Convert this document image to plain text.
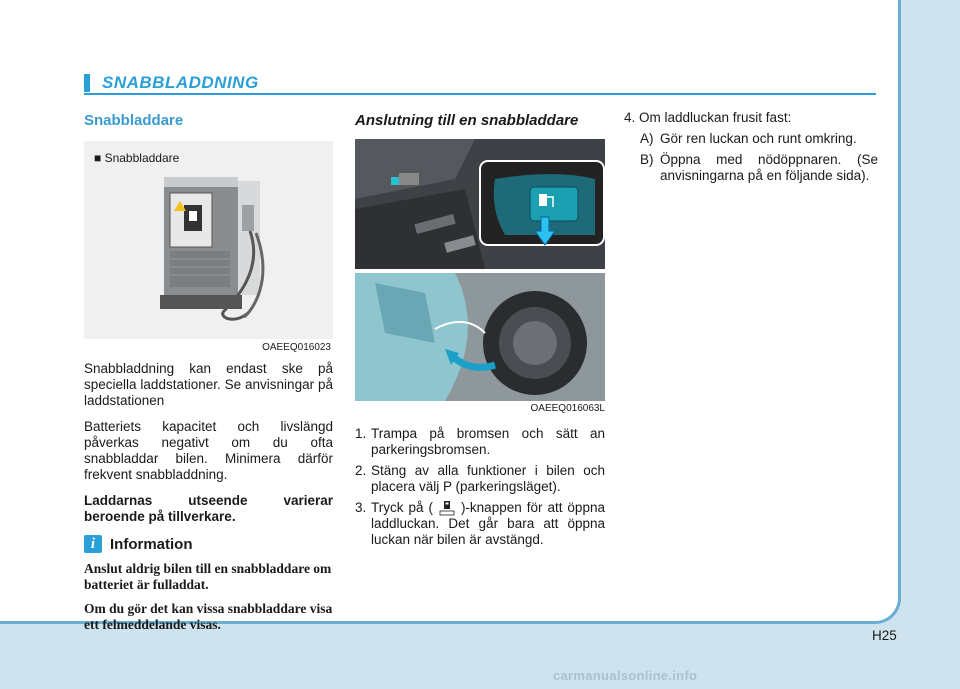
SNABBLADDNING
Snabbladdare
■ Snabbladdare
OAEEQ016023

Snabbladdning kan endast ske på speciella laddstationer. Se anvisningar på laddstationen

Batteriets kapacitet och livslängd påverkas negativt om du ofta snabbladdar bilen. Minimera därför frekvent snabbladdning.

Laddarnas utseende varierar beroende på tillverkare.

i Information

Anslut aldrig bilen till en snabbladdare om batteriet är fulladdat.

Om du gör det kan vissa snabbladdare visa ett felmeddelande visas.

Anslutning till en snabbladdare
OAEEQ016063L
1. Trampa på bromsen och sätt an parkeringsbromsen.
2. Stäng av alla funktioner i bilen och placera välj P (parkeringsläget).
3. Tryck på ( )-knappen för att öppna laddluckan. Det går bara att öppna luckan när bilen är avstängd.

4. Om laddluckan frusit fast:

A) Gör ren luckan och runt omkring.
B) Öppna med nödöppnaren. (Se anvisningarna på en följande sida).
H25
carmanualsonline.info
